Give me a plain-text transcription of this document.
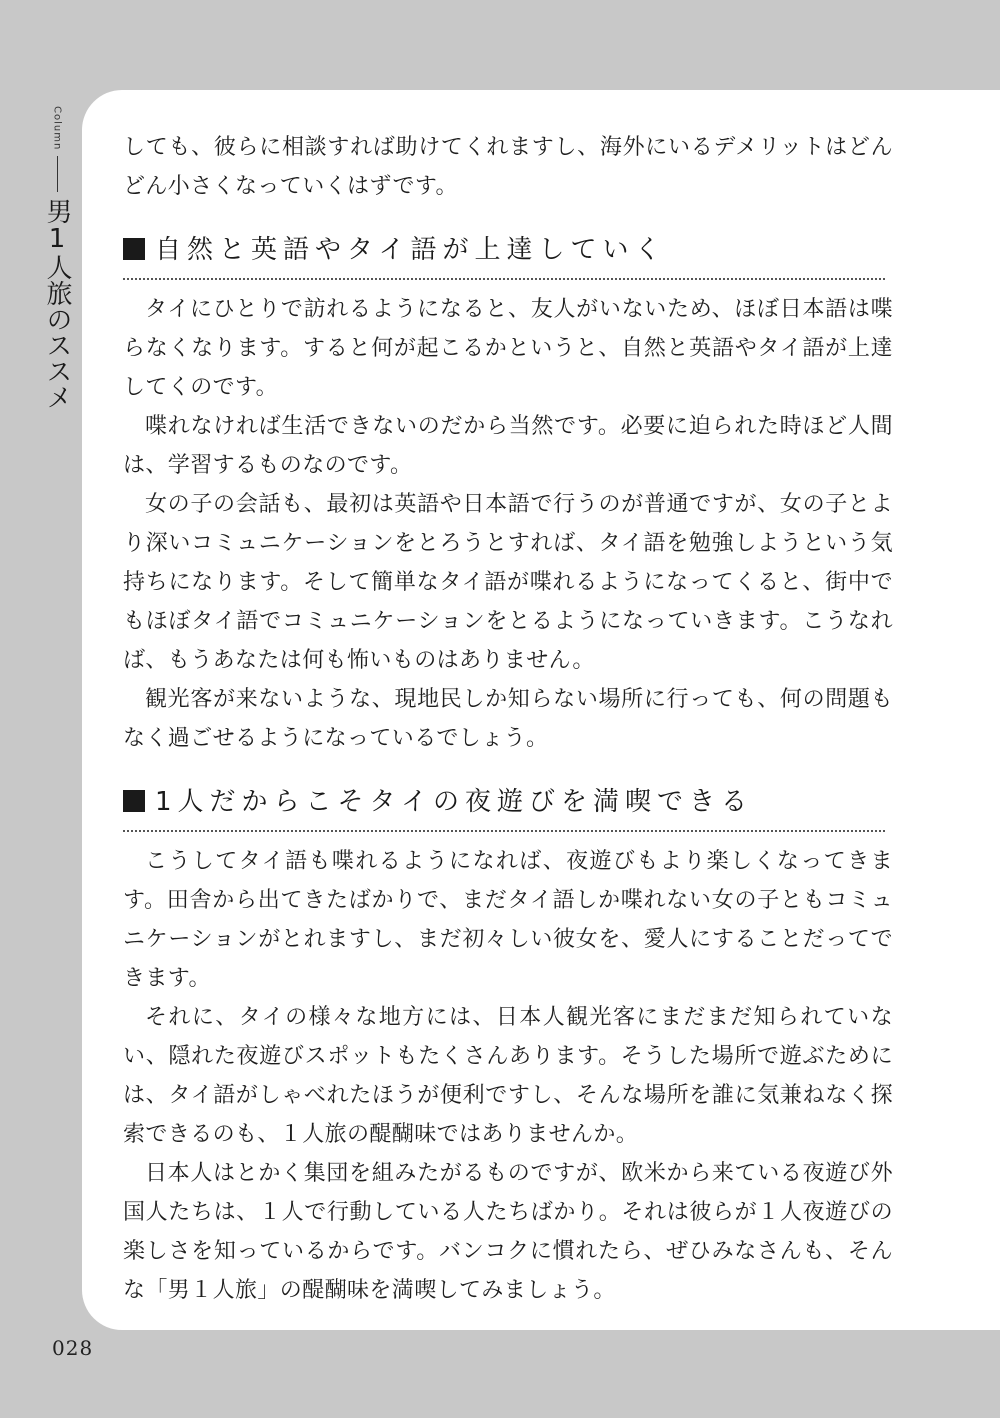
Column
男1人旅のススメ

しても、彼らに相談すれば助けてくれますし、海外にいるデメリットはどんどん小さくなっていくはずです。

自然と英語やタイ語が上達していく

タイにひとりで訪れるようになると、友人がいないため、ほぼ日本語は喋らなくなります。すると何が起こるかというと、自然と英語やタイ語が上達してくのです。

喋れなければ生活できないのだから当然です。必要に迫られた時ほど人間は、学習するものなのです。

女の子の会話も、最初は英語や日本語で行うのが普通ですが、女の子とより深いコミュニケーションをとろうとすれば、タイ語を勉強しようという気持ちになります。そして簡単なタイ語が喋れるようになってくると、街中でもほぼタイ語でコミュニケーションをとるようになっていきます。こうなれば、もうあなたは何も怖いものはありません。

観光客が来ないような、現地民しか知らない場所に行っても、何の問題もなく過ごせるようになっているでしょう。

1人だからこそタイの夜遊びを満喫できる

こうしてタイ語も喋れるようになれば、夜遊びもより楽しくなってきます。田舎から出てきたばかりで、まだタイ語しか喋れない女の子ともコミュニケーションがとれますし、まだ初々しい彼女を、愛人にすることだってできます。

それに、タイの様々な地方には、日本人観光客にまだまだ知られていない、隠れた夜遊びスポットもたくさんあります。そうした場所で遊ぶためには、タイ語がしゃべれたほうが便利ですし、そんな場所を誰に気兼ねなく探索できるのも、１人旅の醍醐味ではありませんか。

日本人はとかく集団を組みたがるものですが、欧米から来ている夜遊び外国人たちは、１人で行動している人たちばかり。それは彼らが１人夜遊びの楽しさを知っているからです。バンコクに慣れたら、ぜひみなさんも、そんな「男１人旅」の醍醐味を満喫してみましょう。

028
